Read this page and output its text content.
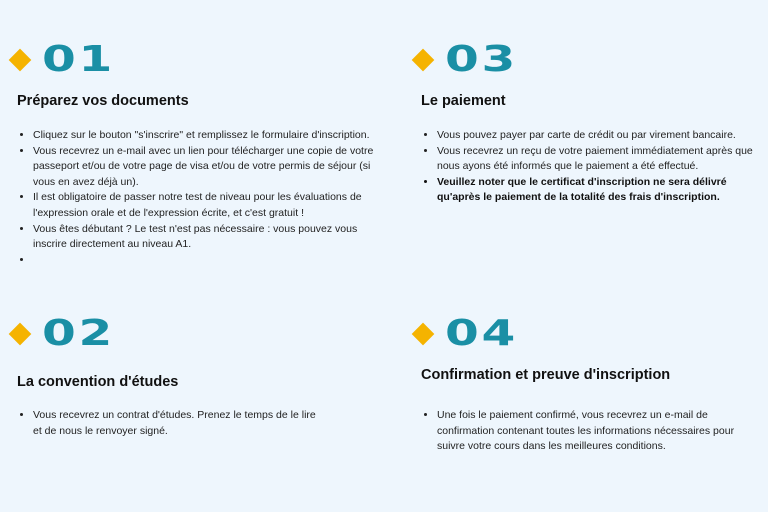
01
Préparez vos documents
• Cliquez sur le bouton "s'inscrire" et remplissez le formulaire d'inscription.
• Vous recevrez un e-mail avec un lien pour télécharger une copie de votre passeport et/ou de votre page de visa et/ou de votre permis de séjour (si vous en avez déjà un).
• Il est obligatoire de passer notre test de niveau pour les évaluations de l'expression orale et de l'expression écrite, et c'est gratuit !
• Vous êtes débutant ? Le test n'est pas nécessaire : vous pouvez vous inscrire directement au niveau A1.
•
02
La convention d'études
• Vous recevrez un contrat d'études. Prenez le temps de le lire et de nous le renvoyer signé.
03
Le paiement
• Vous pouvez payer par carte de crédit ou par virement bancaire.
• Vous recevrez un reçu de votre paiement immédiatement après que nous ayons été informés que le paiement a été effectué.
• Veuillez noter que le certificat d'inscription ne sera délivré qu'après le paiement de la totalité des frais d'inscription.
04
Confirmation et preuve d'inscription
• Une fois le paiement confirmé, vous recevrez un e-mail de confirmation contenant toutes les informations nécessaires pour suivre votre cours dans les meilleures conditions.
